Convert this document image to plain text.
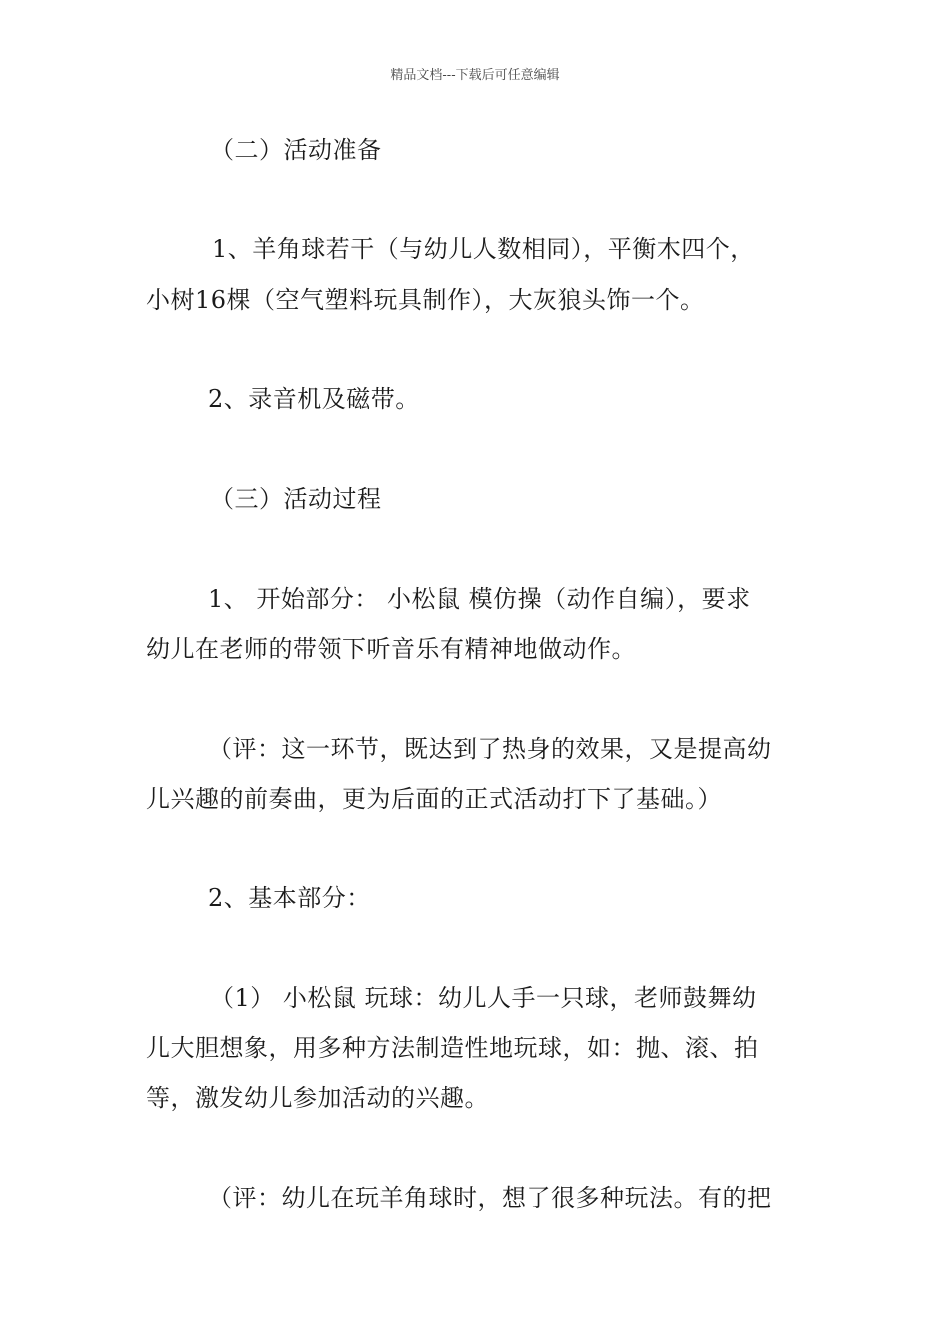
精品文档---下载后可任意编辑
（二）活动准备
1、羊角球若干（与幼儿人数相同），平衡木四个，
小树16棵（空气塑料玩具制作），大灰狼头饰一个。
2、录音机及磁带。
（三）活动过程
1、 开始部分： 小松鼠 模仿操（动作自编），要求
幼儿在老师的带领下听音乐有精神地做动作。
（评：这一环节，既达到了热身的效果，又是提高幼
儿兴趣的前奏曲，更为后面的正式活动打下了基础。）
2、基本部分：
（1） 小松鼠 玩球：幼儿人手一只球，老师鼓舞幼
儿大胆想象，用多种方法制造性地玩球，如：抛、滚、拍
等，激发幼儿参加活动的兴趣。
（评：幼儿在玩羊角球时，想了很多种玩法。有的把
